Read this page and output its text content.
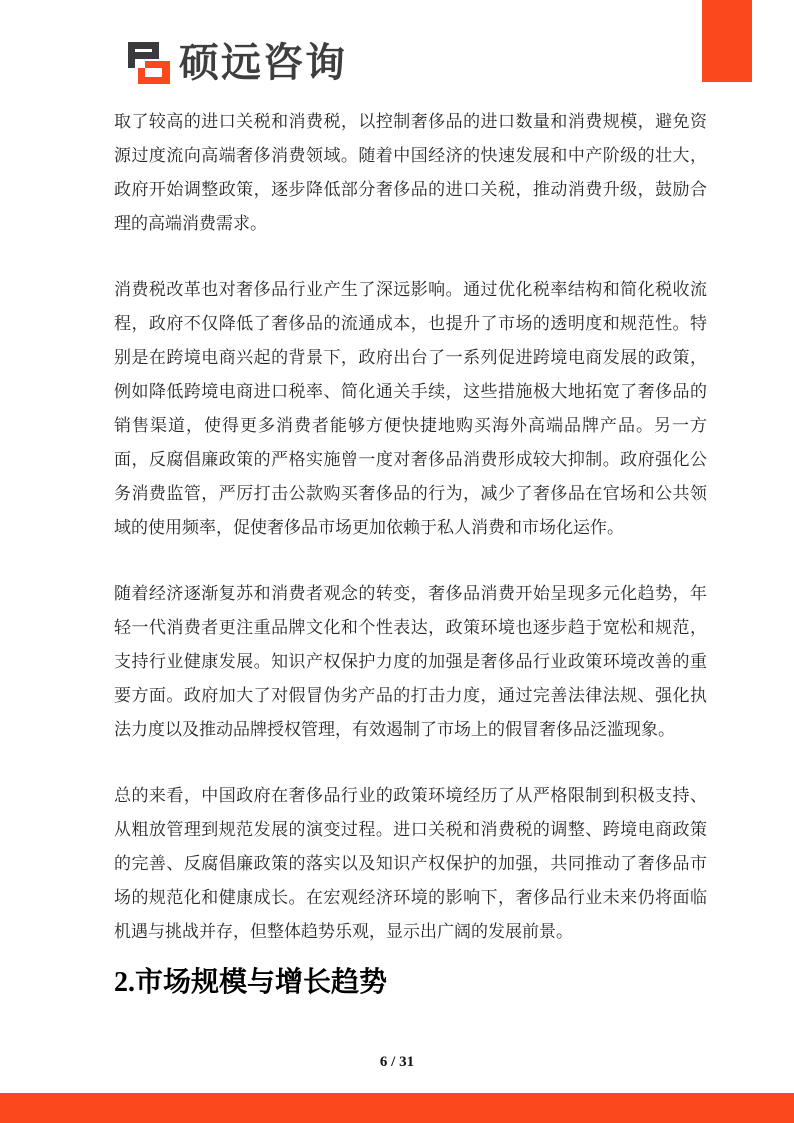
硕远咨询

取了较高的进口关税和消费税，以控制奢侈品的进口数量和消费规模，避免资源过度流向高端奢侈消费领域。随着中国经济的快速发展和中产阶级的壮大，政府开始调整政策，逐步降低部分奢侈品的进口关税，推动消费升级，鼓励合理的高端消费需求。

消费税改革也对奢侈品行业产生了深远影响。通过优化税率结构和简化税收流程，政府不仅降低了奢侈品的流通成本，也提升了市场的透明度和规范性。特别是在跨境电商兴起的背景下，政府出台了一系列促进跨境电商发展的政策，例如降低跨境电商进口税率、简化通关手续，这些措施极大地拓宽了奢侈品的销售渠道，使得更多消费者能够方便快捷地购买海外高端品牌产品。另一方面，反腐倡廉政策的严格实施曾一度对奢侈品消费形成较大抑制。政府强化公务消费监管，严厉打击公款购买奢侈品的行为，减少了奢侈品在官场和公共领域的使用频率，促使奢侈品市场更加依赖于私人消费和市场化运作。

随着经济逐渐复苏和消费者观念的转变，奢侈品消费开始呈现多元化趋势，年轻一代消费者更注重品牌文化和个性表达，政策环境也逐步趋于宽松和规范，支持行业健康发展。知识产权保护力度的加强是奢侈品行业政策环境改善的重要方面。政府加大了对假冒伪劣产品的打击力度，通过完善法律法规、强化执法力度以及推动品牌授权管理，有效遏制了市场上的假冒奢侈品泛滥现象。

总的来看，中国政府在奢侈品行业的政策环境经历了从严格限制到积极支持、从粗放管理到规范发展的演变过程。进口关税和消费税的调整、跨境电商政策的完善、反腐倡廉政策的落实以及知识产权保护的加强，共同推动了奢侈品市场的规范化和健康成长。在宏观经济环境的影响下，奢侈品行业未来仍将面临机遇与挑战并存，但整体趋势乐观，显示出广阔的发展前景。

2.市场规模与增长趋势
6 / 31
